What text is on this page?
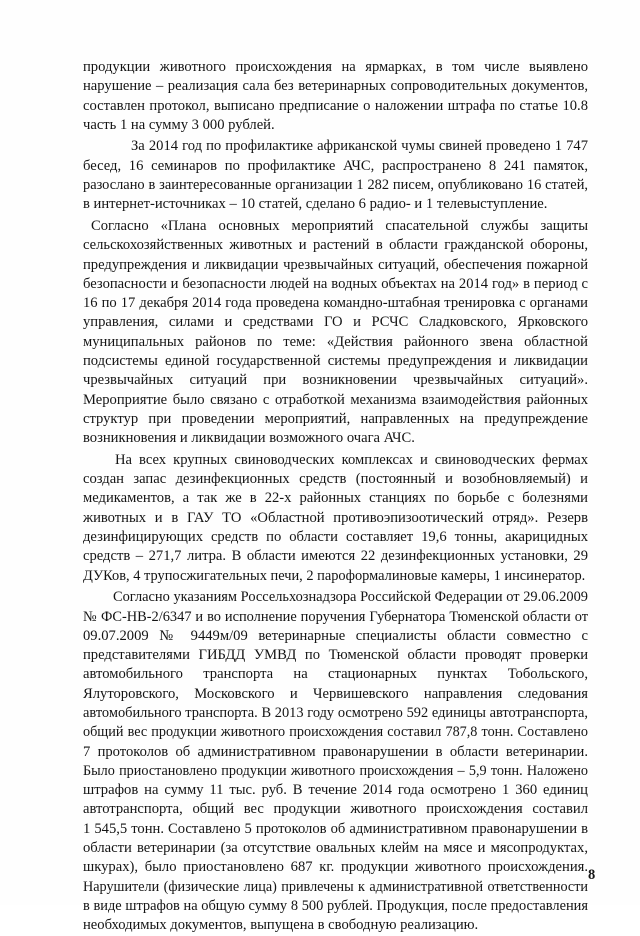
продукции животного происхождения на ярмарках, в том числе выявлено
нарушение – реализация сала без ветеринарных сопроводительных документов,
составлен протокол, выписано предписание о наложении штрафа по статье 10.8
часть 1 на сумму 3 000 рублей.
За 2014 год по профилактике африканской чумы свиней проведено 1 747
бесед, 16 семинаров по профилактике АЧС, распространено 8 241 памяток,
разослано в заинтересованные организации 1 282 писем, опубликовано 16 статей,
в интернет-источниках – 10 статей, сделано 6 радио- и 1 телевыступление.
Согласно «Плана основных мероприятий спасательной службы защиты
сельскохозяйственных животных и растений в области гражданской обороны,
предупреждения и ликвидации чрезвычайных ситуаций, обеспечения пожарной
безопасности и безопасности людей на водных объектах на 2014 год» в период с
16 по 17 декабря 2014 года проведена командно-штабная тренировка с органами
управления, силами и средствами ГО и РСЧС Сладковского, Ярковского
муниципальных районов по теме: «Действия районного звена областной
подсистемы единой государственной системы предупреждения и ликвидации
чрезвычайных ситуаций при возникновении чрезвычайных ситуаций».
Мероприятие было связано с отработкой механизма взаимодействия районных
структур при проведении мероприятий, направленных на предупреждение
возникновения и ликвидации возможного очага АЧС.
На всех крупных свиноводческих комплексах и свиноводческих фермах
создан запас дезинфекционных средств (постоянный и возобновляемый) и
медикаментов, а так же в 22-х районных станциях по борьбе с болезнями
животных и в ГАУ ТО «Областной противоэпизоотический отряд». Резерв
дезинфицирующих средств по области составляет 19,6 тонны, акарицидных
средств – 271,7 литра. В области имеются 22 дезинфекционных установки, 29
ДУКов, 4 трупосжигательных печи, 2 пароформалиновые камеры, 1 инсинератор.
Согласно указаниям Россельхознадзора Российской Федерации от 29.06.2009
№ ФС-НВ-2/6347 и во исполнение поручения Губернатора Тюменской области от
09.07.2009 № 9449м/09 ветеринарные специалисты области совместно с
представителями ГИБДД УМВД по Тюменской области проводят проверки
автомобильного транспорта на стационарных пунктах Тобольского,
Ялуторовского, Московского и Червишевского направления следования
автомобильного транспорта. В 2013 году осмотрено 592 единицы автотранспорта,
общий вес продукции животного происхождения составил 787,8 тонн. Составлено
7 протоколов об административном правонарушении в области ветеринарии.
Было приостановлено продукции животного происхождения – 5,9 тонн. Наложено
штрафов на сумму 11 тыс. руб. В течение 2014 года осмотрено 1 360 единиц
автотранспорта, общий вес продукции животного происхождения составил
1 545,5 тонн. Составлено 5 протоколов об административном правонарушении в
области ветеринарии (за отсутствие овальных клейм на мясе и мясопродуктах,
шкурах), было приостановлено 687 кг. продукции животного происхождения.
Нарушители (физические лица) привлечены к административной ответственности
в виде штрафов на общую сумму 8 500 рублей. Продукция, после предоставления
необходимых документов, выпущена в свободную реализацию.
8
